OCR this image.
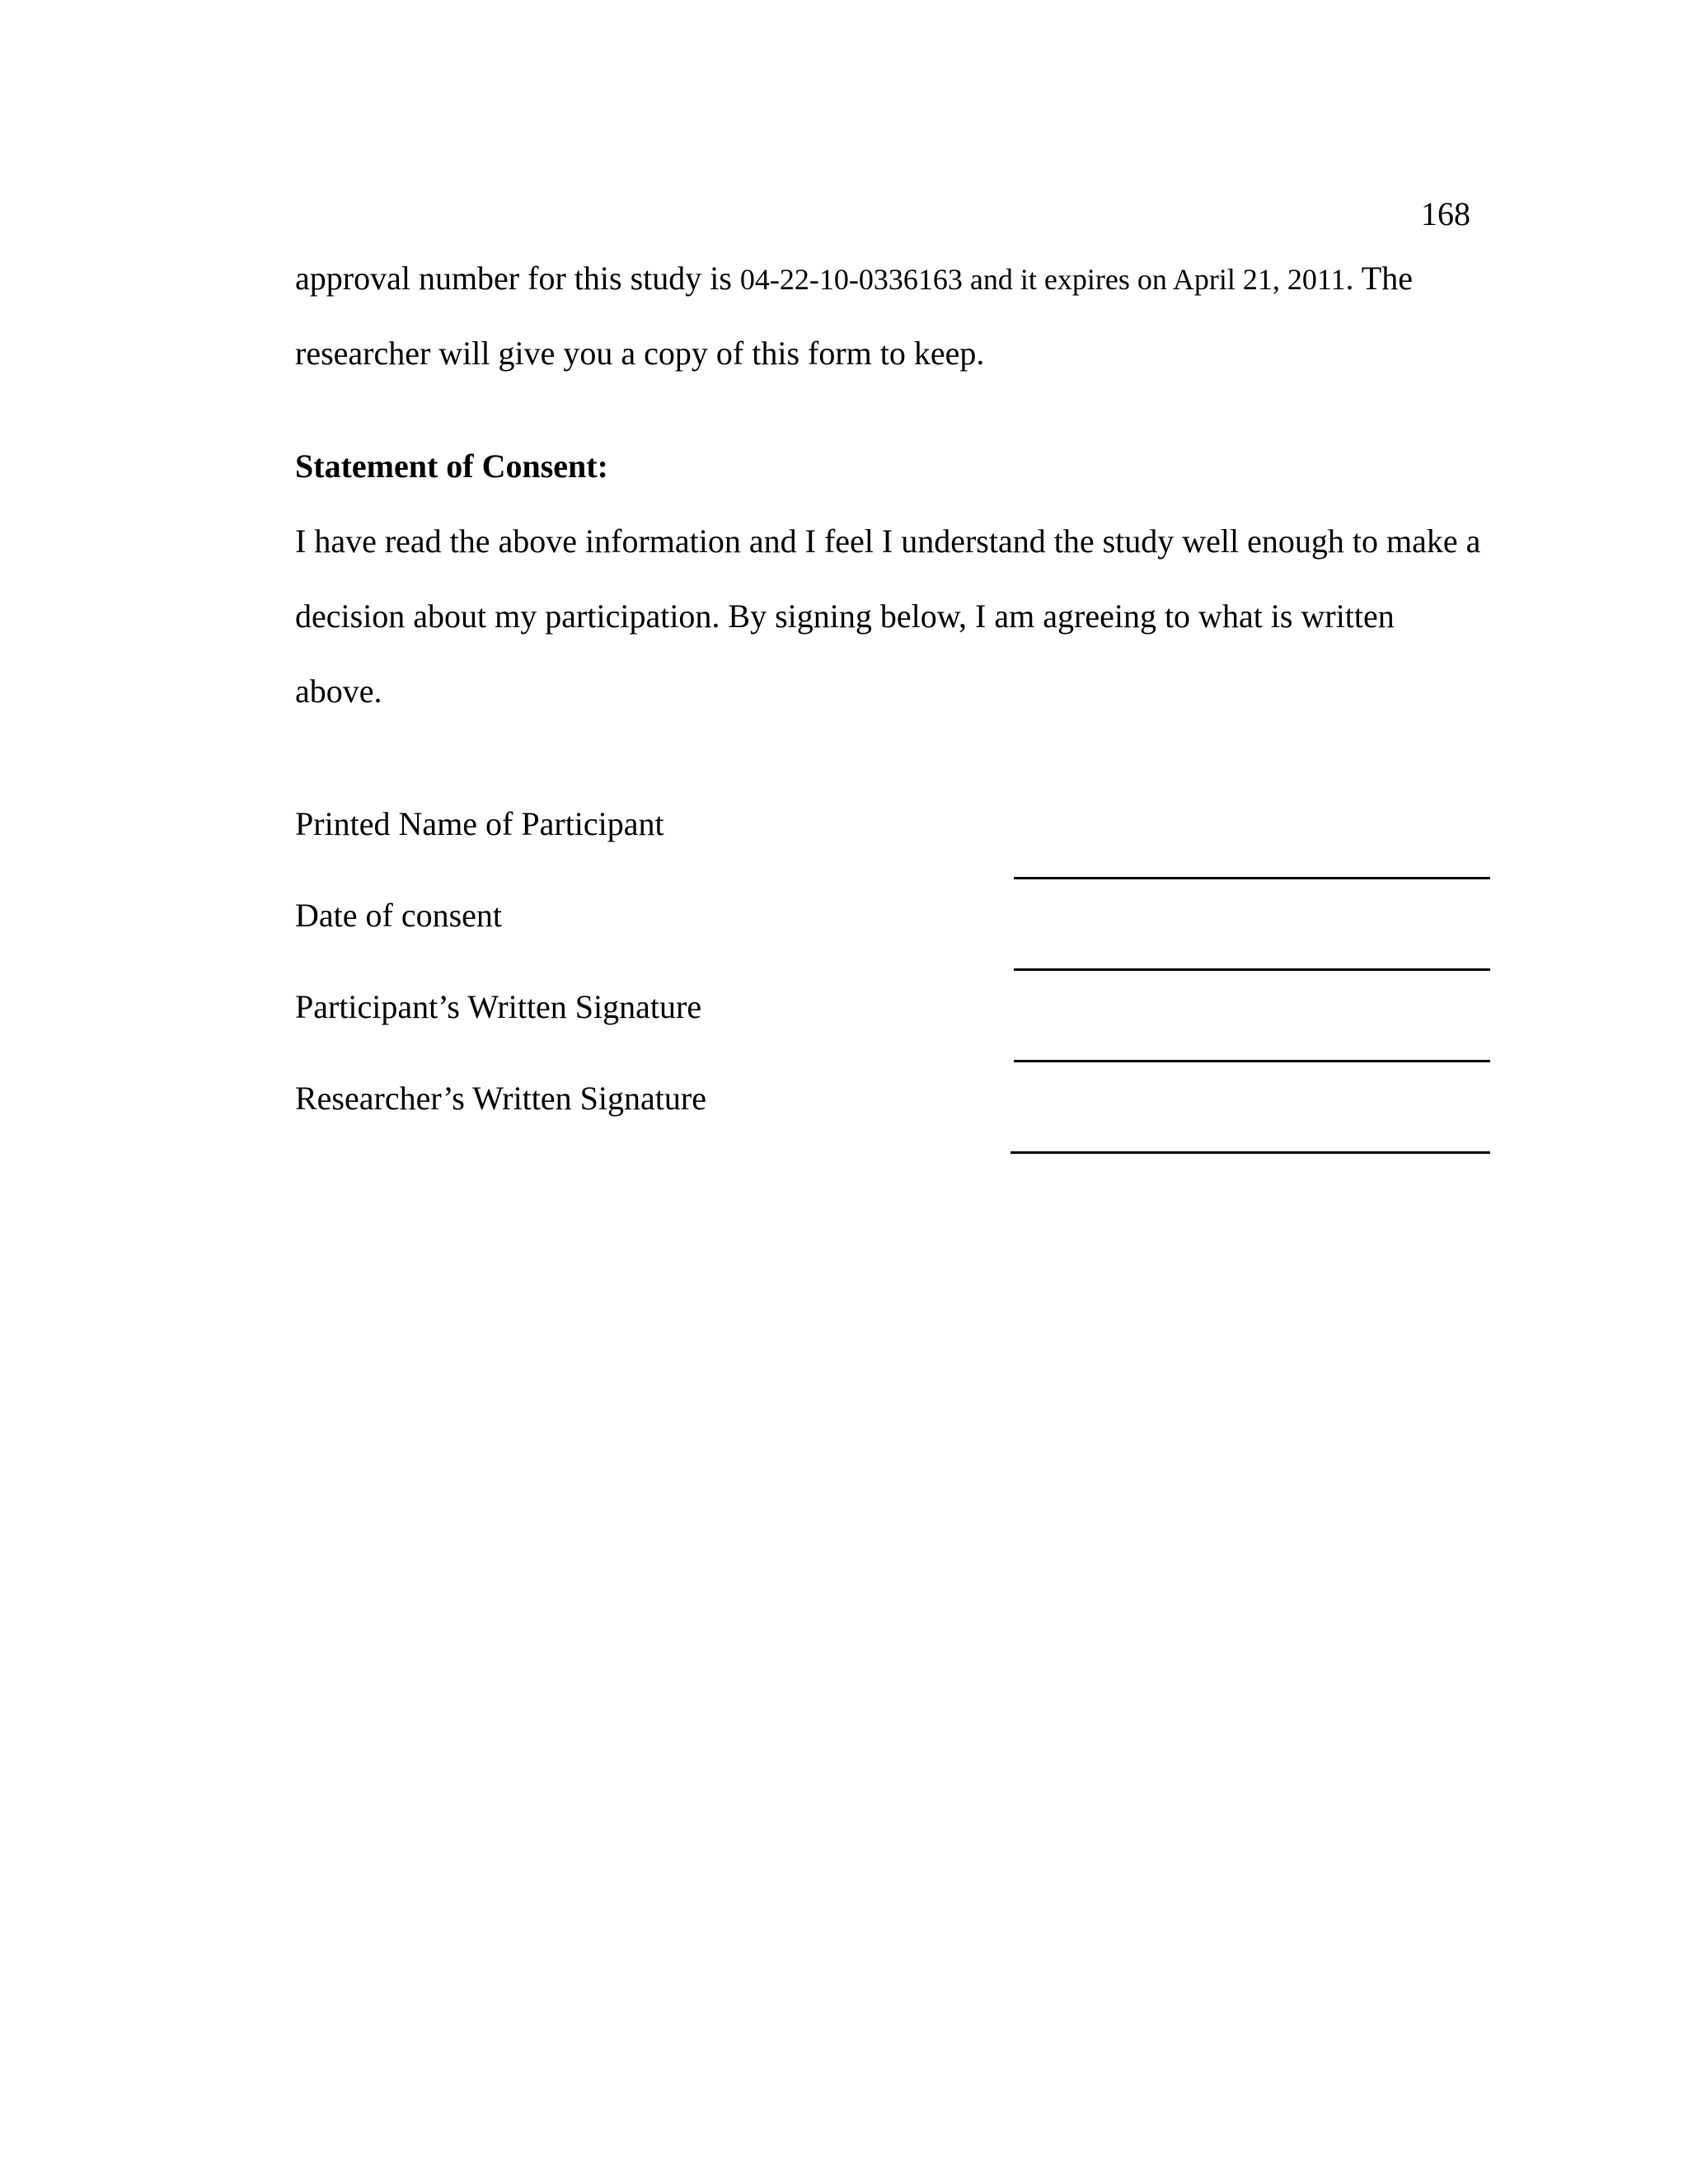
168
approval number for this study is 04-22-10-0336163 and it expires on April 21, 2011. The
researcher will give you a copy of this form to keep.
Statement of Consent:
I have read the above information and I feel I understand the study well enough to make a
decision about my participation. By signing below, I am agreeing to what is written
above.
Printed Name of Participant
Date of consent
Participant’s Written Signature
Researcher’s Written Signature
